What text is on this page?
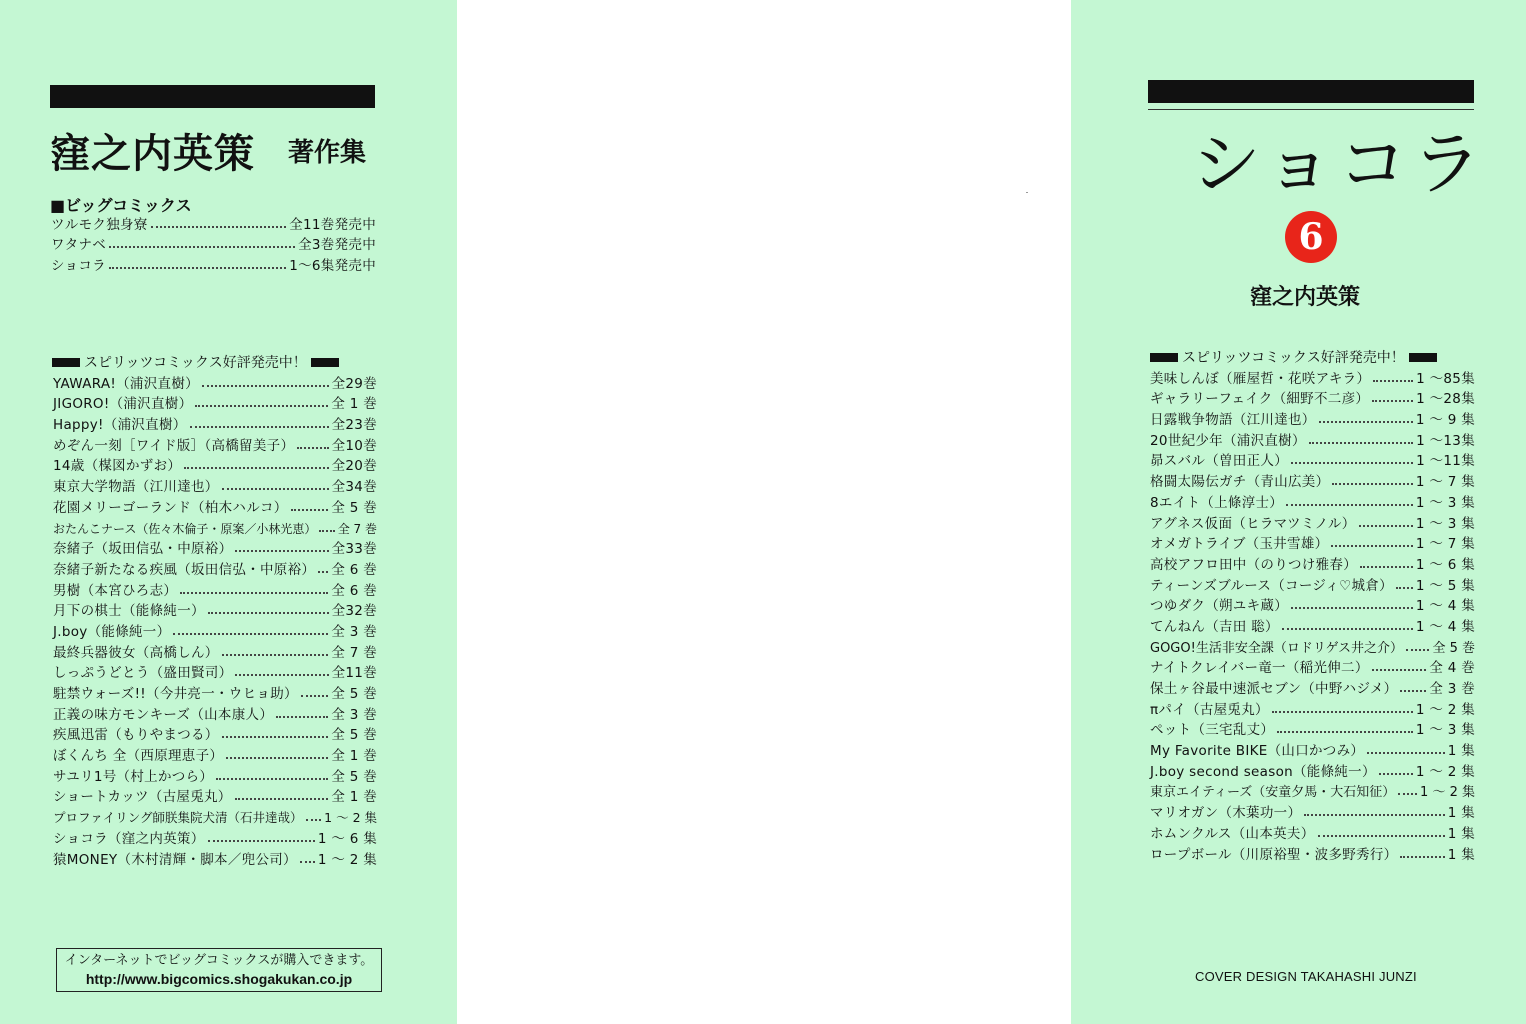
窪之内英策 著作集
■ビッグコミックス
ツルモク独身寮	全11巻発売中
ワタナベ	全3巻発売中
ショコラ	1〜6集発売中
スピリッツコミックス好評発売中！
YAWARA!（浦沢直樹）	全29巻
JIGORO!（浦沢直樹）	全 1 巻
Happy!（浦沢直樹）	全23巻
めぞん一刻［ワイド版］（高橋留美子）	全10巻
14歳（楳図かずお）	全20巻
東京大学物語（江川達也）	全34巻
花園メリーゴーランド（柏木ハルコ）	全 5 巻
おたんこナース（佐々木倫子・原案／小林光恵） 全 7 巻
奈緒子（坂田信弘・中原裕）	全33巻
奈緒子新たなる疾風（坂田信弘・中原裕） 全 6 巻
男樹（本宮ひろ志）	全 6 巻
月下の棋士（能條純一）	全32巻
J.boy（能條純一）	全 3 巻
最終兵器彼女（高橋しん）	全 7 巻
しっぷうどとう（盛田賢司）	全11巻
駐禁ウォーズ!!（今井亮一・ウヒョ助） 全 5 巻
正義の味方モンキーズ（山本康人）	全 3 巻
疾風迅雷（もりやまつる）	全 5 巻
ぼくんち 全（西原理恵子）	全 1 巻
サユリ1号（村上かつら）	全 5 巻
ショートカッツ（古屋兎丸）	全 1 巻
プロファイリング師朕集院犬清（石井達哉） 1 〜 2 集
ショコラ（窪之内英策）	1 〜 6 集
猿MONEY（木村清輝・脚本／兜公司） 1 〜 2 集
インターネットでビッグコミックスが購入できます。
http://www.bigcomics.shogakukan.co.jp
ショコラ
6
窪之内英策
スピリッツコミックス好評発売中！
美味しんぼ（雁屋哲・花咲アキラ）	1 〜85集
ギャラリーフェイク（細野不二彦）	1 〜28集
日露戦争物語（江川達也）	1 〜 9 集
20世紀少年（浦沢直樹）	1 〜13集
昴スバル（曽田正人）	1 〜11集
格闘太陽伝ガチ（青山広美）	1 〜 7 集
8エイト（上條淳士）	1 〜 3 集
アグネス仮面（ヒラマツミノル）	1 〜 3 集
オメガトライブ（玉井雪雄）	1 〜 7 集
高校アフロ田中（のりつけ雅春）	1 〜 6 集
ティーンズブルース（コージィ♡城倉） 1 〜 5 集
つゆダク（朔ユキ蔵）	1 〜 4 集
てんねん（吉田 聡）	1 〜 4 集
GOGO!生活非安全課（ロドリゲス井之介） 全 5 巻
ナイトクレイバー竜一（稲光伸二）	全 4 巻
保土ヶ谷最中速派セブン（中野ハジメ） 全 3 巻
πパイ（古屋兎丸）	1 〜 2 集
ペット（三宅乱丈）	1 〜 3 集
My Favorite BIKE（山口かつみ）	1 集
J.boy second season（能條純一）	1 〜 2 集
東京エイティーズ（安童夕馬・大石知征） 1 〜 2 集
マリオガン（木葉功一）	1 集
ホムンクルス（山本英夫）	1 集
ロープボール（川原裕聖・波多野秀行）	1 集
COVER DESIGN TAKAHASHI JUNZI
